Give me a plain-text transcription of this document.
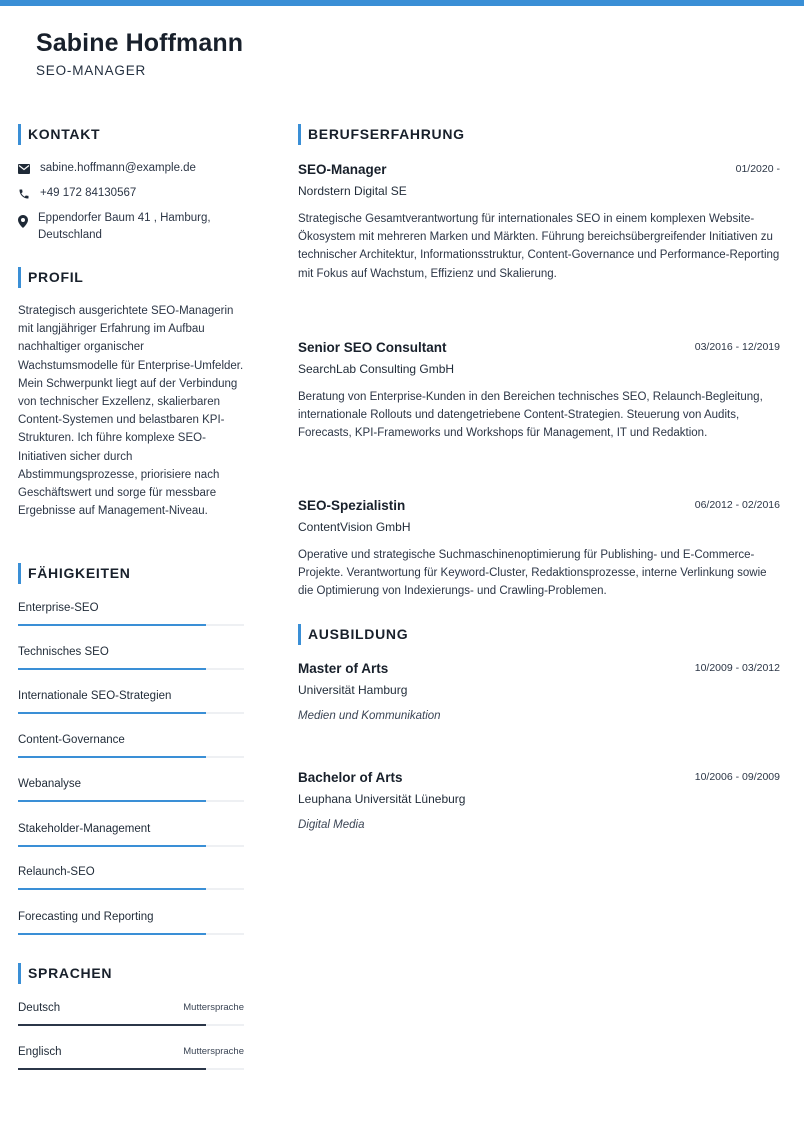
Sabine Hoffmann
SEO-MANAGER
KONTAKT
sabine.hoffmann@example.de
+49 172 84130567
Eppendorfer Baum 41 , Hamburg,
Deutschland
PROFIL
Strategisch ausgerichtete SEO-Managerin mit langjähriger Erfahrung im Aufbau nachhaltiger organischer Wachstumsmodelle für Enterprise-Umfelder. Mein Schwerpunkt liegt auf der Verbindung von technischer Exzellenz, skalierbaren Content-Systemen und belastbaren KPI-Strukturen. Ich führe komplexe SEO-Initiativen sicher durch Abstimmungsprozesse, priorisiere nach Geschäftswert und sorge für messbare Ergebnisse auf Management-Niveau.
FÄHIGKEITEN
Enterprise-SEO
Technisches SEO
Internationale SEO-Strategien
Content-Governance
Webanalyse
Stakeholder-Management
Relaunch-SEO
Forecasting und Reporting
SPRACHEN
Deutsch	Muttersprache
Englisch	Muttersprache
BERUFSERFAHRUNG
SEO-Manager	01/2020 -
Nordstern Digital SE
Strategische Gesamtverantwortung für internationales SEO in einem komplexen Website-Ökosystem mit mehreren Marken und Märkten. Führung bereichsübergreifender Initiativen zu technischer Architektur, Informationsstruktur, Content-Governance und Performance-Reporting mit Fokus auf Wachstum, Effizienz und Skalierung.
Senior SEO Consultant	03/2016 - 12/2019
SearchLab Consulting GmbH
Beratung von Enterprise-Kunden in den Bereichen technisches SEO, Relaunch-Begleitung, internationale Rollouts und datengetriebene Content-Strategien. Steuerung von Audits, Forecasts, KPI-Frameworks und Workshops für Management, IT und Redaktion.
SEO-Spezialistin	06/2012 - 02/2016
ContentVision GmbH
Operative und strategische Suchmaschinenoptimierung für Publishing- und E-Commerce-Projekte. Verantwortung für Keyword-Cluster, Redaktionsprozesse, interne Verlinkung sowie die Optimierung von Indexierungs- und Crawling-Problemen.
AUSBILDUNG
Master of Arts	10/2009 - 03/2012
Universität Hamburg
Medien und Kommunikation
Bachelor of Arts	10/2006 - 09/2009
Leuphana Universität Lüneburg
Digital Media
